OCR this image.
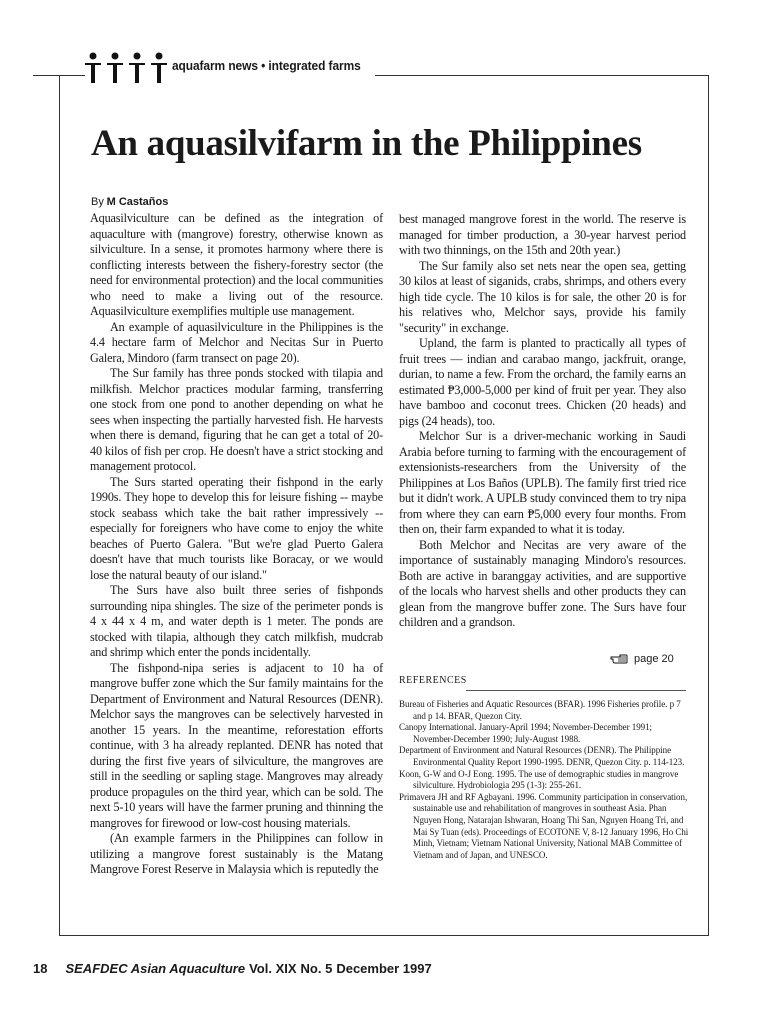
aquafarm news • integrated farms
An aquasilvifarm in the Philippines
By M Castaños

Aquasilviculture can be defined as the integration of aquaculture with (mangrove) forestry, otherwise known as silviculture. In a sense, it promotes harmony where there is conflicting interests between the fishery-forestry sector (the need for environmental protection) and the local communities who need to make a living out of the resource. Aquasilviculture exemplifies multiple use management.

An example of aquasilviculture in the Philippines is the 4.4 hectare farm of Melchor and Necitas Sur in Puerto Galera, Mindoro (farm transect on page 20).

The Sur family has three ponds stocked with tilapia and milkfish. Melchor practices modular farming, transferring one stock from one pond to another depending on what he sees when inspecting the partially harvested fish. He harvests when there is demand, figuring that he can get a total of 20-40 kilos of fish per crop. He doesn't have a strict stocking and management protocol.

The Surs started operating their fishpond in the early 1990s. They hope to develop this for leisure fishing -- maybe stock seabass which take the bait rather impressively -- especially for foreigners who have come to enjoy the white beaches of Puerto Galera. "But we're glad Puerto Galera doesn't have that much tourists like Boracay, or we would lose the natural beauty of our island."

The Surs have also built three series of fishponds surrounding nipa shingles. The size of the perimeter ponds is 4 x 44 x 4 m, and water depth is 1 meter. The ponds are stocked with tilapia, although they catch milkfish, mudcrab and shrimp which enter the ponds incidentally.

The fishpond-nipa series is adjacent to 10 ha of mangrove buffer zone which the Sur family maintains for the Department of Environment and Natural Resources (DENR). Melchor says the mangroves can be selectively harvested in another 15 years. In the meantime, reforestation efforts continue, with 3 ha already replanted. DENR has noted that during the first five years of silviculture, the mangroves are still in the seedling or sapling stage. Mangroves may already produce propagules on the third year, which can be sold. The next 5-10 years will have the farmer pruning and thinning the mangroves for firewood or low-cost housing materials.

(An example farmers in the Philippines can follow in utilizing a mangrove forest sustainably is the Matang Mangrove Forest Reserve in Malaysia which is reputedly the

best managed mangrove forest in the world. The reserve is managed for timber production, a 30-year harvest period with two thinnings, on the 15th and 20th year.)

The Sur family also set nets near the open sea, getting 30 kilos at least of siganids, crabs, shrimps, and others every high tide cycle. The 10 kilos is for sale, the other 20 is for his relatives who, Melchor says, provide his family "security" in exchange.

Upland, the farm is planted to practically all types of fruit trees — indian and carabao mango, jackfruit, orange, durian, to name a few. From the orchard, the family earns an estimated ₱3,000-5,000 per kind of fruit per year. They also have bamboo and coconut trees. Chicken (20 heads) and pigs (24 heads), too.

Melchor Sur is a driver-mechanic working in Saudi Arabia before turning to farming with the encouragement of extensionists-researchers from the University of the Philippines at Los Baños (UPLB). The family first tried rice but it didn't work. A UPLB study convinced them to try nipa from where they can earn ₱5,000 every four months. From then on, their farm expanded to what it is today.

Both Melchor and Necitas are very aware of the importance of sustainably managing Mindoro's resources. Both are active in baranggay activities, and are supportive of the locals who harvest shells and other products they can glean from the mangrove buffer zone. The Surs have four children and a grandson.

page 20
REFERENCES

Bureau of Fisheries and Aquatic Resources (BFAR). 1996 Fisheries profile. p 7 and p 14. BFAR, Quezon City.

Canopy International. January-April 1994; November-December 1991; November-December 1990; July-August 1988.

Department of Environment and Natural Resources (DENR). The Philippine Environmental Quality Report 1990-1995. DENR, Quezon City. p. 114-123.

Koon, G-W and O-J Eong. 1995. The use of demographic studies in mangrove silviculture. Hydrobiologia 295 (1-3): 255-261.

Primavera JH and RF Agbayani. 1996. Community participation in conservation, sustainable use and rehabilitation of mangroves in southeast Asia. Phan Nguyen Hong, Natarajan Ishwaran, Hoang Thi San, Nguyen Hoang Tri, and Mai Sy Tuan (eds). Proceedings of ECOTONE V, 8-12 January 1996, Ho Chi Minh, Vietnam; Vietnam National University, National MAB Committee of Vietnam and of Japan, and UNESCO.

18 SEAFDEC Asian Aquaculture Vol. XIX No. 5 December 1997
